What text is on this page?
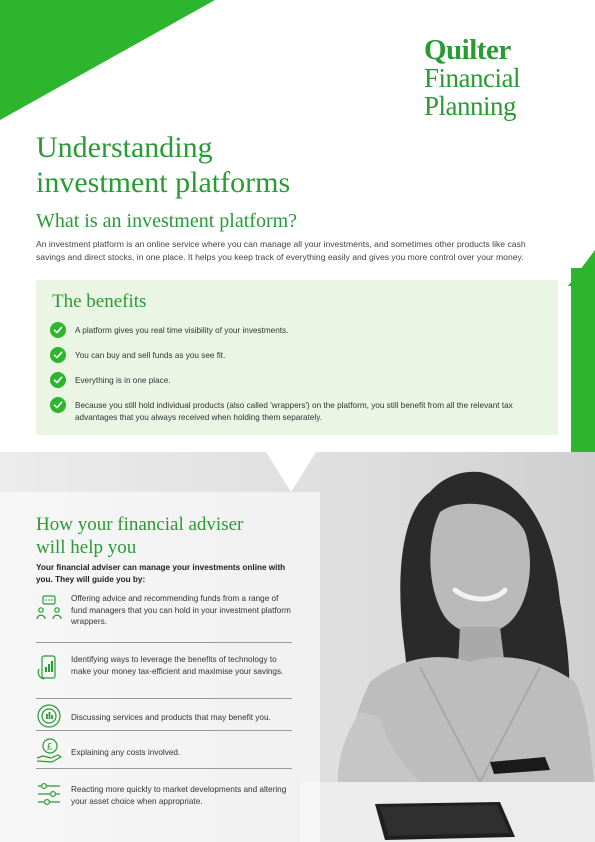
Quilter
Financial
Planning
Understanding
investment platforms
What is an investment platform?

An investment platform is an online service where you can manage all your investments, and sometimes other products like cash savings and direct stocks, in one place. It helps you keep track of everything easily and gives you more control over your money.

The benefits
A platform gives you real time visibility of your investments.
You can buy and sell funds as you see fit.
Everything is in one place.
Because you still hold individual products (also called 'wrappers') on the platform, you still benefit from all the relevant tax advantages that you always received when holding them separately.
How your financial adviser
will help you

Your financial adviser can manage your investments online with you. They will guide you by:

Offering advice and recommending funds from a range of fund managers that you can hold in your investment platform wrappers.
Identifying ways to leverage the benefits of technology to make your money tax-efficient and maximise your savings.
Discussing services and products that may benefit you.
£
Explaining any costs involved.
Reacting more quickly to market developments and altering your asset choice when appropriate.
